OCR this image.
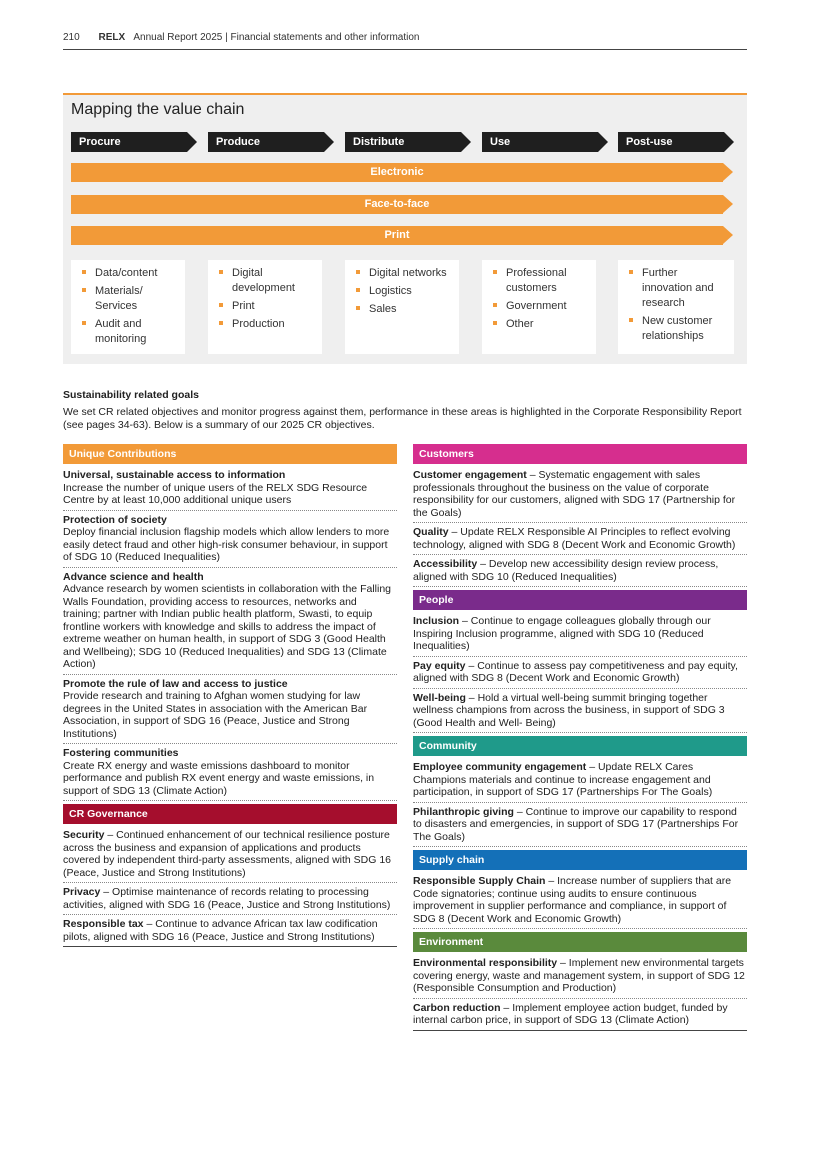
210 RELX Annual Report 2025 | Financial statements and other information
Mapping the value chain
Procure	Produce	Distribute	Use	Post-use
Electronic
Face-to-face
Print
Data/content
Materials/ Services
Audit and monitoring
Digital development
Print
Production
Digital networks
Logistics
Sales
Professional customers
Government
Other
Further innovation and research
New customer relationships
Sustainability related goals
We set CR related objectives and monitor progress against them, performance in these areas is highlighted in the Corporate Responsibility Report (see pages 34-63). Below is a summary of our 2025 CR objectives.
Unique Contributions
Universal, sustainable access to information
Increase the number of unique users of the RELX SDG Resource Centre by at least 10,000 additional unique users
Protection of society
Deploy financial inclusion flagship models which allow lenders to more easily detect fraud and other high-risk consumer behaviour, in support of SDG 10 (Reduced Inequalities)
Advance science and health
Advance research by women scientists in collaboration with the Falling Walls Foundation, providing access to resources, networks and training; partner with Indian public health platform, Swasti, to equip frontline workers with knowledge and skills to address the impact of extreme weather on human health, in support of SDG 3 (Good Health and Wellbeing); SDG 10 (Reduced Inequalities) and SDG 13 (Climate Action)
Promote the rule of law and access to justice
Provide research and training to Afghan women studying for law degrees in the United States in association with the American Bar Association, in support of SDG 16 (Peace, Justice and Strong Institutions)
Fostering communities
Create RX energy and waste emissions dashboard to monitor performance and publish RX event energy and waste emissions, in support of SDG 13 (Climate Action)
CR Governance
Security – Continued enhancement of our technical resilience posture across the business and expansion of applications and products covered by independent third-party assessments, aligned with SDG 16 (Peace, Justice and Strong Institutions)
Privacy – Optimise maintenance of records relating to processing activities, aligned with SDG 16 (Peace, Justice and Strong Institutions)
Responsible tax – Continue to advance African tax law codification pilots, aligned with SDG 16 (Peace, Justice and Strong Institutions)
Customers
Customer engagement – Systematic engagement with sales professionals throughout the business on the value of corporate responsibility for our customers, aligned with SDG 17 (Partnership for the Goals)
Quality – Update RELX Responsible AI Principles to reflect evolving technology, aligned with SDG 8 (Decent Work and Economic Growth)
Accessibility – Develop new accessibility design review process, aligned with SDG 10 (Reduced Inequalities)
People
Inclusion – Continue to engage colleagues globally through our Inspiring Inclusion programme, aligned with SDG 10 (Reduced Inequalities)
Pay equity – Continue to assess pay competitiveness and pay equity, aligned with SDG 8 (Decent Work and Economic Growth)
Well-being – Hold a virtual well-being summit bringing together wellness champions from across the business, in support of SDG 3 (Good Health and Well- Being)
Community
Employee community engagement – Update RELX Cares Champions materials and continue to increase engagement and participation, in support of SDG 17 (Partnerships For The Goals)
Philanthropic giving – Continue to improve our capability to respond to disasters and emergencies, in support of SDG 17 (Partnerships For The Goals)
Supply chain
Responsible Supply Chain – Increase number of suppliers that are Code signatories; continue using audits to ensure continuous improvement in supplier performance and compliance, in support of SDG 8 (Decent Work and Economic Growth)
Environment
Environmental responsibility – Implement new environmental targets covering energy, waste and management system, in support of SDG 12 (Responsible Consumption and Production)
Carbon reduction – Implement employee action budget, funded by internal carbon price, in support of SDG 13 (Climate Action)
